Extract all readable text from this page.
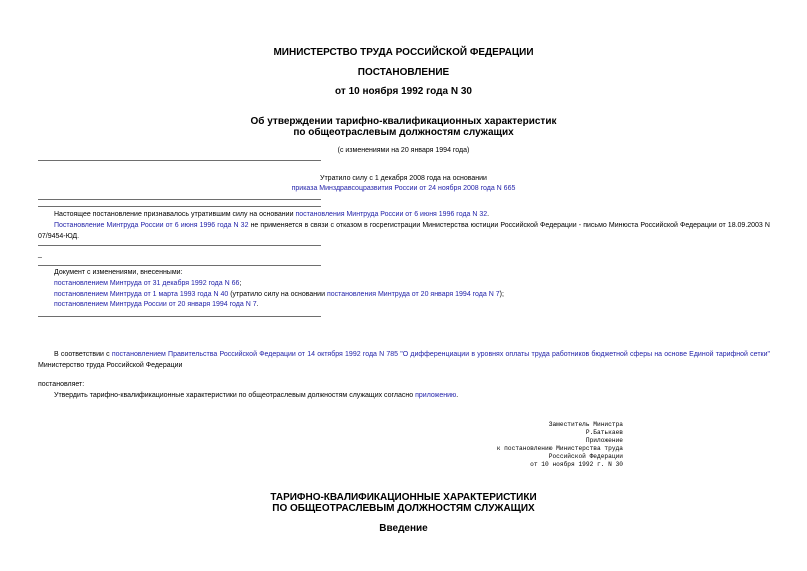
МИНИСТЕРСТВО ТРУДА РОССИЙСКОЙ ФЕДЕРАЦИИ
ПОСТАНОВЛЕНИЕ
от 10 ноября 1992 года N 30
Об утверждении тарифно-квалификационных характеристик
по общеотраслевым должностям служащих
(с изменениями на 20 января 1994 года)
Утратило силу с 1 декабря 2008 года на основании
приказа Минздравсоцразвития России от 24 ноября 2008 года N 665
Настоящее постановление признавалось утратившим силу на основании постановления Минтруда России от 6 июня 1996 года N 32.
Постановление Минтруда России от 6 июня 1996 года N 32 не применяется в связи с отказом в госрегистрации Министерства юстиции Российской Федерации - письмо Минюста Российской Федерации от 18.09.2003 N 07/9454-ЮД.
_
Документ с изменениями, внесенными:
постановлением Минтруда от 31 декабря 1992 года N 66;
постановлением Минтруда от 1 марта 1993 года N 40 (утратило силу на основании постановления Минтруда от 20 января 1994 года N 7);
постановлением Минтруда России от 20 января 1994 года N 7.
В соответствии с постановлением Правительства Российской Федерации от 14 октября 1992 года N 785 "О дифференциации в уровнях оплаты труда работников бюджетной сферы на основе Единой тарифной сетки" Министерство труда Российской Федерации
постановляет:
Утвердить тарифно-квалификационные характеристики по общеотраслевым должностям служащих согласно приложению.
Заместитель Министра
Р.Батькаев
Приложение
к постановлению Министерства труда
Российской Федерации
от 10 ноября 1992 г. N 30
ТАРИФНО-КВАЛИФИКАЦИОННЫЕ ХАРАКТЕРИСТИКИ
ПО ОБЩЕОТРАСЛЕВЫМ ДОЛЖНОСТЯМ СЛУЖАЩИХ
Введение
